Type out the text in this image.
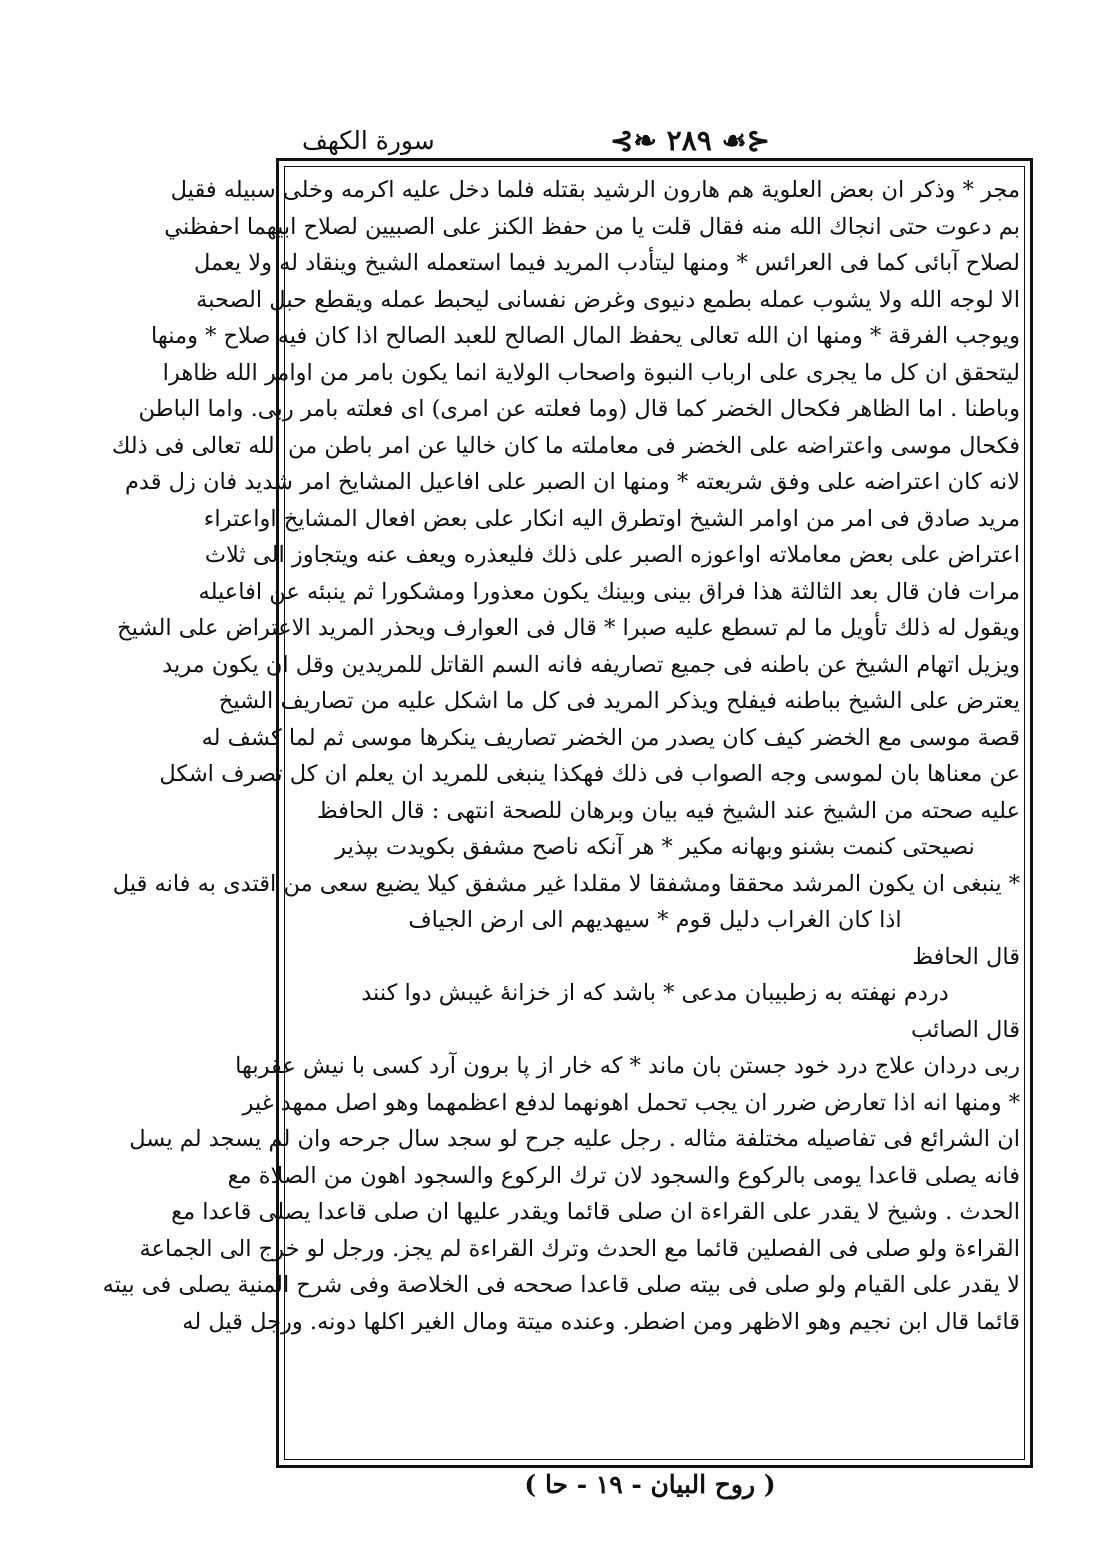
سورة الكهف	⊰❧ ۲۸۹ ☙⊱
مجر * وذكر ان بعض العلوية هم هارون الرشيد بقتله فلما دخل عليه اكرمه وخلى سبيله فقيل
بم دعوت حتى انجاك الله منه فقال قلت يا من حفظ الكنز على الصبيين لصلاح ابيهما احفظني
لصلاح آبائى كما فى العرائس * ومنها ليتأدب المريد فيما استعمله الشيخ وينقاد له ولا يعمل
الا لوجه الله ولا يشوب عمله بطمع دنيوى وغرض نفسانى ليحبط عمله ويقطع حبل الصحبة
ويوجب الفرقة * ومنها ان الله تعالى يحفظ المال الصالح للعبد الصالح اذا كان فيه صلاح * ومنها
ليتحقق ان كل ما يجرى على ارباب النبوة واصحاب الولاية انما يكون بامر من اوامر الله ظاهرا
وباطنا . اما الظاهر فكحال الخضر كما قال (وما فعلته عن امرى) اى فعلته بامر ربى. واما الباطن
فكحال موسى واعتراضه على الخضر فى معاملته ما كان خاليا عن امر باطن من الله تعالى فى ذلك
لانه كان اعتراضه على وفق شريعته * ومنها ان الصبر على افاعيل المشايخ امر شديد فان زل قدم
مريد صادق فى امر من اوامر الشيخ اوتطرق اليه انكار على بعض افعال المشايخ اواعتراء
اعتراض على بعض معاملاته اواعوزه الصبر على ذلك فليعذره ويعف عنه ويتجاوز الى ثلاث
مرات فان قال بعد الثالثة هذا فراق بينى وبينك يكون معذورا ومشكورا ثم ينبئه عن افاعيله
ويقول له ذلك تأويل ما لم تسطع عليه صبرا * قال فى العوارف ويحذر المريد الاعتراض على الشيخ
ويزيل اتهام الشيخ عن باطنه فى جميع تصاريفه فانه السم القاتل للمريدين وقل ان يكون مريد
يعترض على الشيخ بباطنه فيفلح ويذكر المريد فى كل ما اشكل عليه من تصاريف الشيخ
قصة موسى مع الخضر كيف كان يصدر من الخضر تصاريف ينكرها موسى ثم لما كشف له
عن معناها بان لموسى وجه الصواب فى ذلك فهكذا ينبغى للمريد ان يعلم ان كل تصرف اشكل
عليه صحته من الشيخ عند الشيخ فيه بيان وبرهان للصحة انتهى : قال الحافظ
نصيحتى كنمت بشنو وبهانه مكير * هر آنكه ناصح مشفق بكويدت بپذير
* ينبغى ان يكون المرشد محققا ومشفقا لا مقلدا غير مشفق كيلا يضيع سعى من اقتدى به فانه قيل
اذا كان الغراب دليل قوم * سيهديهم الى ارض الجياف
قال الحافظ
دردم نهفته به زطبيبان مدعى * باشد كه از خزانهٔ غيبش دوا كنند
قال الصائب
ربى دردان علاج درد خود جستن بان ماند * كه خار از پا برون آرد كسى با نيش عقربها
* ومنها انه اذا تعارض ضرر ان يجب تحمل اهونهما لدفع اعظمهما وهو اصل ممهد غير
ان الشرائع فى تفاصيله مختلفة مثاله . رجل عليه جرح لو سجد سال جرحه وان لم يسجد لم يسل
فانه يصلى قاعدا يومى بالركوع والسجود لان ترك الركوع والسجود اهون من الصلاة مع
الحدث . وشيخ لا يقدر على القراءة ان صلى قائما ويقدر عليها ان صلى قاعدا يصلى قاعدا مع
القراءة ولو صلى فى الفصلين قائما مع الحدث وترك القراءة لم يجز. ورجل لو خرج الى الجماعة
لا يقدر على القيام ولو صلى فى بيته صلى قاعدا صححه فى الخلاصة وفى شرح المنية يصلى فى بيته
قائما قال ابن نجيم وهو الاظهر ومن اضطر. وعنده ميتة ومال الغير اكلها دونه. ورجل قيل له
( روح البيان - ١٩ - حا )
